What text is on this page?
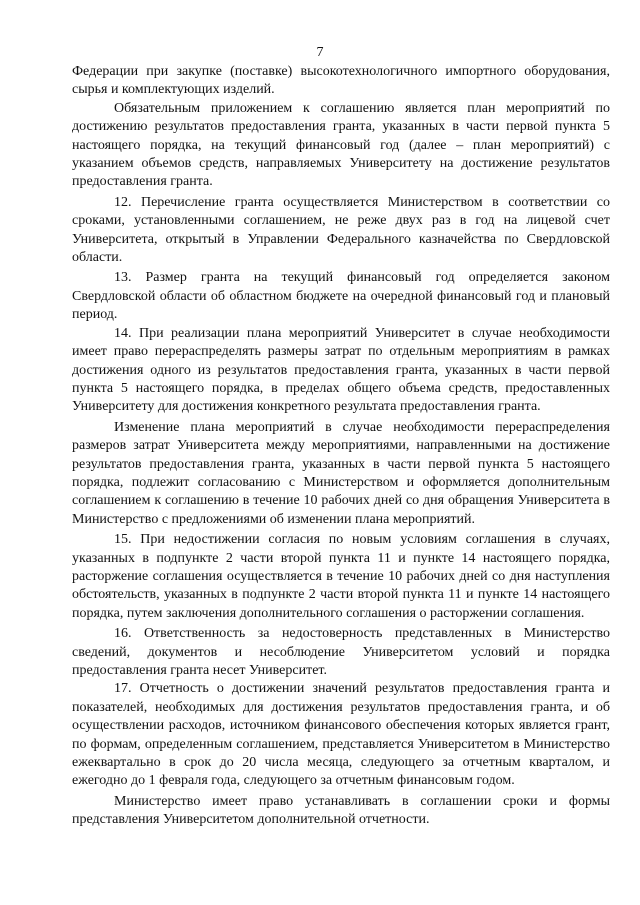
7

Федерации при закупке (поставке) высокотехнологичного импортного оборудования, сырья и комплектующих изделий.

Обязательным приложением к соглашению является план мероприятий по достижению результатов предоставления гранта, указанных в части первой пункта 5 настоящего порядка, на текущий финансовый год (далее – план мероприятий) с указанием объемов средств, направляемых Университету на достижение результатов предоставления гранта.

12. Перечисление гранта осуществляется Министерством в соответствии со сроками, установленными соглашением, не реже двух раз в год на лицевой счет Университета, открытый в Управлении Федерального казначейства по Свердловской области.

13. Размер гранта на текущий финансовый год определяется законом Свердловской области об областном бюджете на очередной финансовый год и плановый период.

14. При реализации плана мероприятий Университет в случае необходимости имеет право перераспределять размеры затрат по отдельным мероприятиям в рамках достижения одного из результатов предоставления гранта, указанных в части первой пункта 5 настоящего порядка, в пределах общего объема средств, предоставленных Университету для достижения конкретного результата предоставления гранта.

Изменение плана мероприятий в случае необходимости перераспределения размеров затрат Университета между мероприятиями, направленными на достижение результатов предоставления гранта, указанных в части первой пункта 5 настоящего порядка, подлежит согласованию с Министерством и оформляется дополнительным соглашением к соглашению в течение 10 рабочих дней со дня обращения Университета в Министерство с предложениями об изменении плана мероприятий.

15. При недостижении согласия по новым условиям соглашения в случаях, указанных в подпункте 2 части второй пункта 11 и пункте 14 настоящего порядка, расторжение соглашения осуществляется в течение 10 рабочих дней со дня наступления обстоятельств, указанных в подпункте 2 части второй пункта 11 и пункте 14 настоящего порядка, путем заключения дополнительного соглашения о расторжении соглашения.

16. Ответственность за недостоверность представленных в Министерство сведений, документов и несоблюдение Университетом условий и порядка предоставления гранта несет Университет.

17. Отчетность о достижении значений результатов предоставления гранта и показателей, необходимых для достижения результатов предоставления гранта, и об осуществлении расходов, источником финансового обеспечения которых является грант, по формам, определенным соглашением, представляется Университетом в Министерство ежеквартально в срок до 20 числа месяца, следующего за отчетным кварталом, и ежегодно до 1 февраля года, следующего за отчетным финансовым годом.

Министерство имеет право устанавливать в соглашении сроки и формы представления Университетом дополнительной отчетности.
